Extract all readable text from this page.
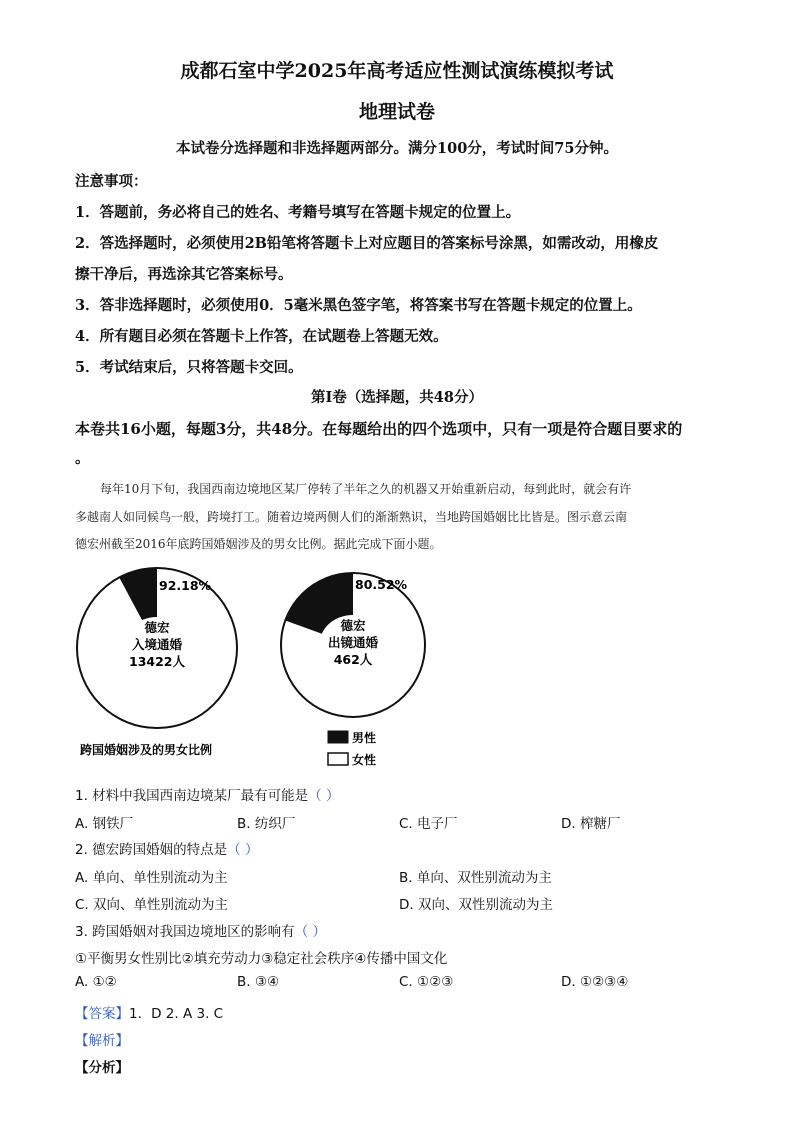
成都石室中学2025年高考适应性测试演练模拟考试
地理试卷
本试卷分选择题和非选择题两部分。满分100分，考试时间75分钟。
注意事项：
1．答题前，务必将自己的姓名、考籍号填写在答题卡规定的位置上。
2．答选择题时，必须使用2B铅笔将答题卡上对应题目的答案标号涂黑，如需改动，用橡皮
擦干净后，再选涂其它答案标号。
3．答非选择题时，必须使用0．5毫米黑色签字笔，将答案书写在答题卡规定的位置上。
4．所有题目必须在答题卡上作答，在试题卷上答题无效。
5．考试结束后，只将答题卡交回。
第Ⅰ卷（选择题，共48分）
本卷共16小题，每题3分，共48分。在每题给出的四个选项中，只有一项是符合题目要求的
。
每年10月下旬，我国西南边境地区某厂停转了半年之久的机器又开始重新启动，每到此时，就会有许
多越南人如同候鸟一般，跨境打工。随着边境两侧人们的渐渐熟识，当地跨国婚姻比比皆是。图示意云南
德宏州截至2016年底跨国婚姻涉及的男女比例。据此完成下面小题。
德宏
入境通婚
13422人
92.18%
德宏
出镜通婚
462人
80.52%
跨国婚姻涉及的男女比例
男性
女性
1. 材料中我国西南边境某厂最有可能是（ ）
A. 钢铁厂	B. 纺织厂	C. 电子厂	D. 榨糖厂
2. 德宏跨国婚姻的特点是（ ）
A. 单向、单性别流动为主	B. 单向、双性别流动为主
C. 双向、单性别流动为主	D. 双向、双性别流动为主
3. 跨国婚姻对我国边境地区的影响有（ ）
①平衡男女性别比②填充劳动力③稳定社会秩序④传播中国文化
A. ①②	B. ③④	C. ①②③	D. ①②③④
【答案】1．D 2. A 3. C
【解析】
【分析】
